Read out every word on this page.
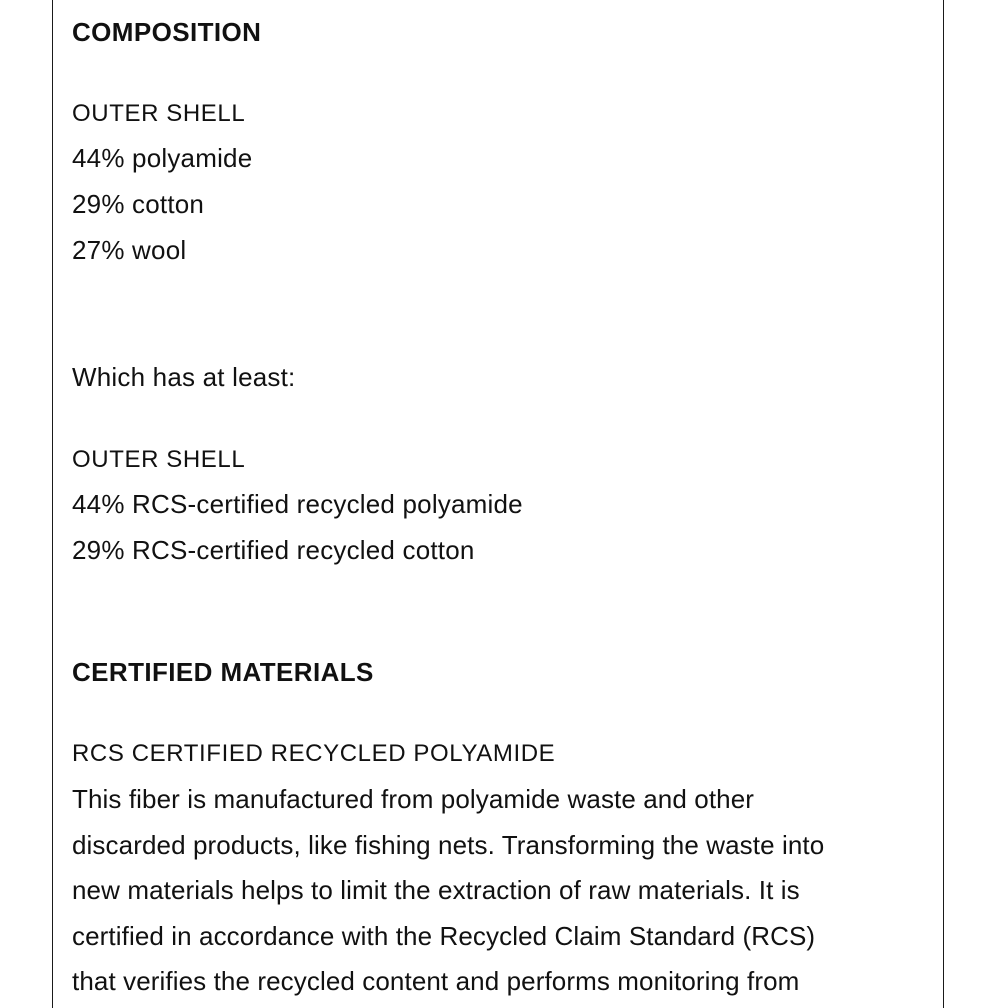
COMPOSITION

OUTER SHELL

44% polyamide

29% cotton

27% wool

Which has at least:

OUTER SHELL

44% RCS-certified recycled polyamide

29% RCS-certified recycled cotton

CERTIFIED MATERIALS

RCS CERTIFIED RECYCLED POLYAMIDE

This fiber is manufactured from polyamide waste and other

discarded products, like fishing nets. Transforming the waste into

new materials helps to limit the extraction of raw materials. It is

certified in accordance with the Recycled Claim Standard (RCS)

that verifies the recycled content and performs monitoring from
